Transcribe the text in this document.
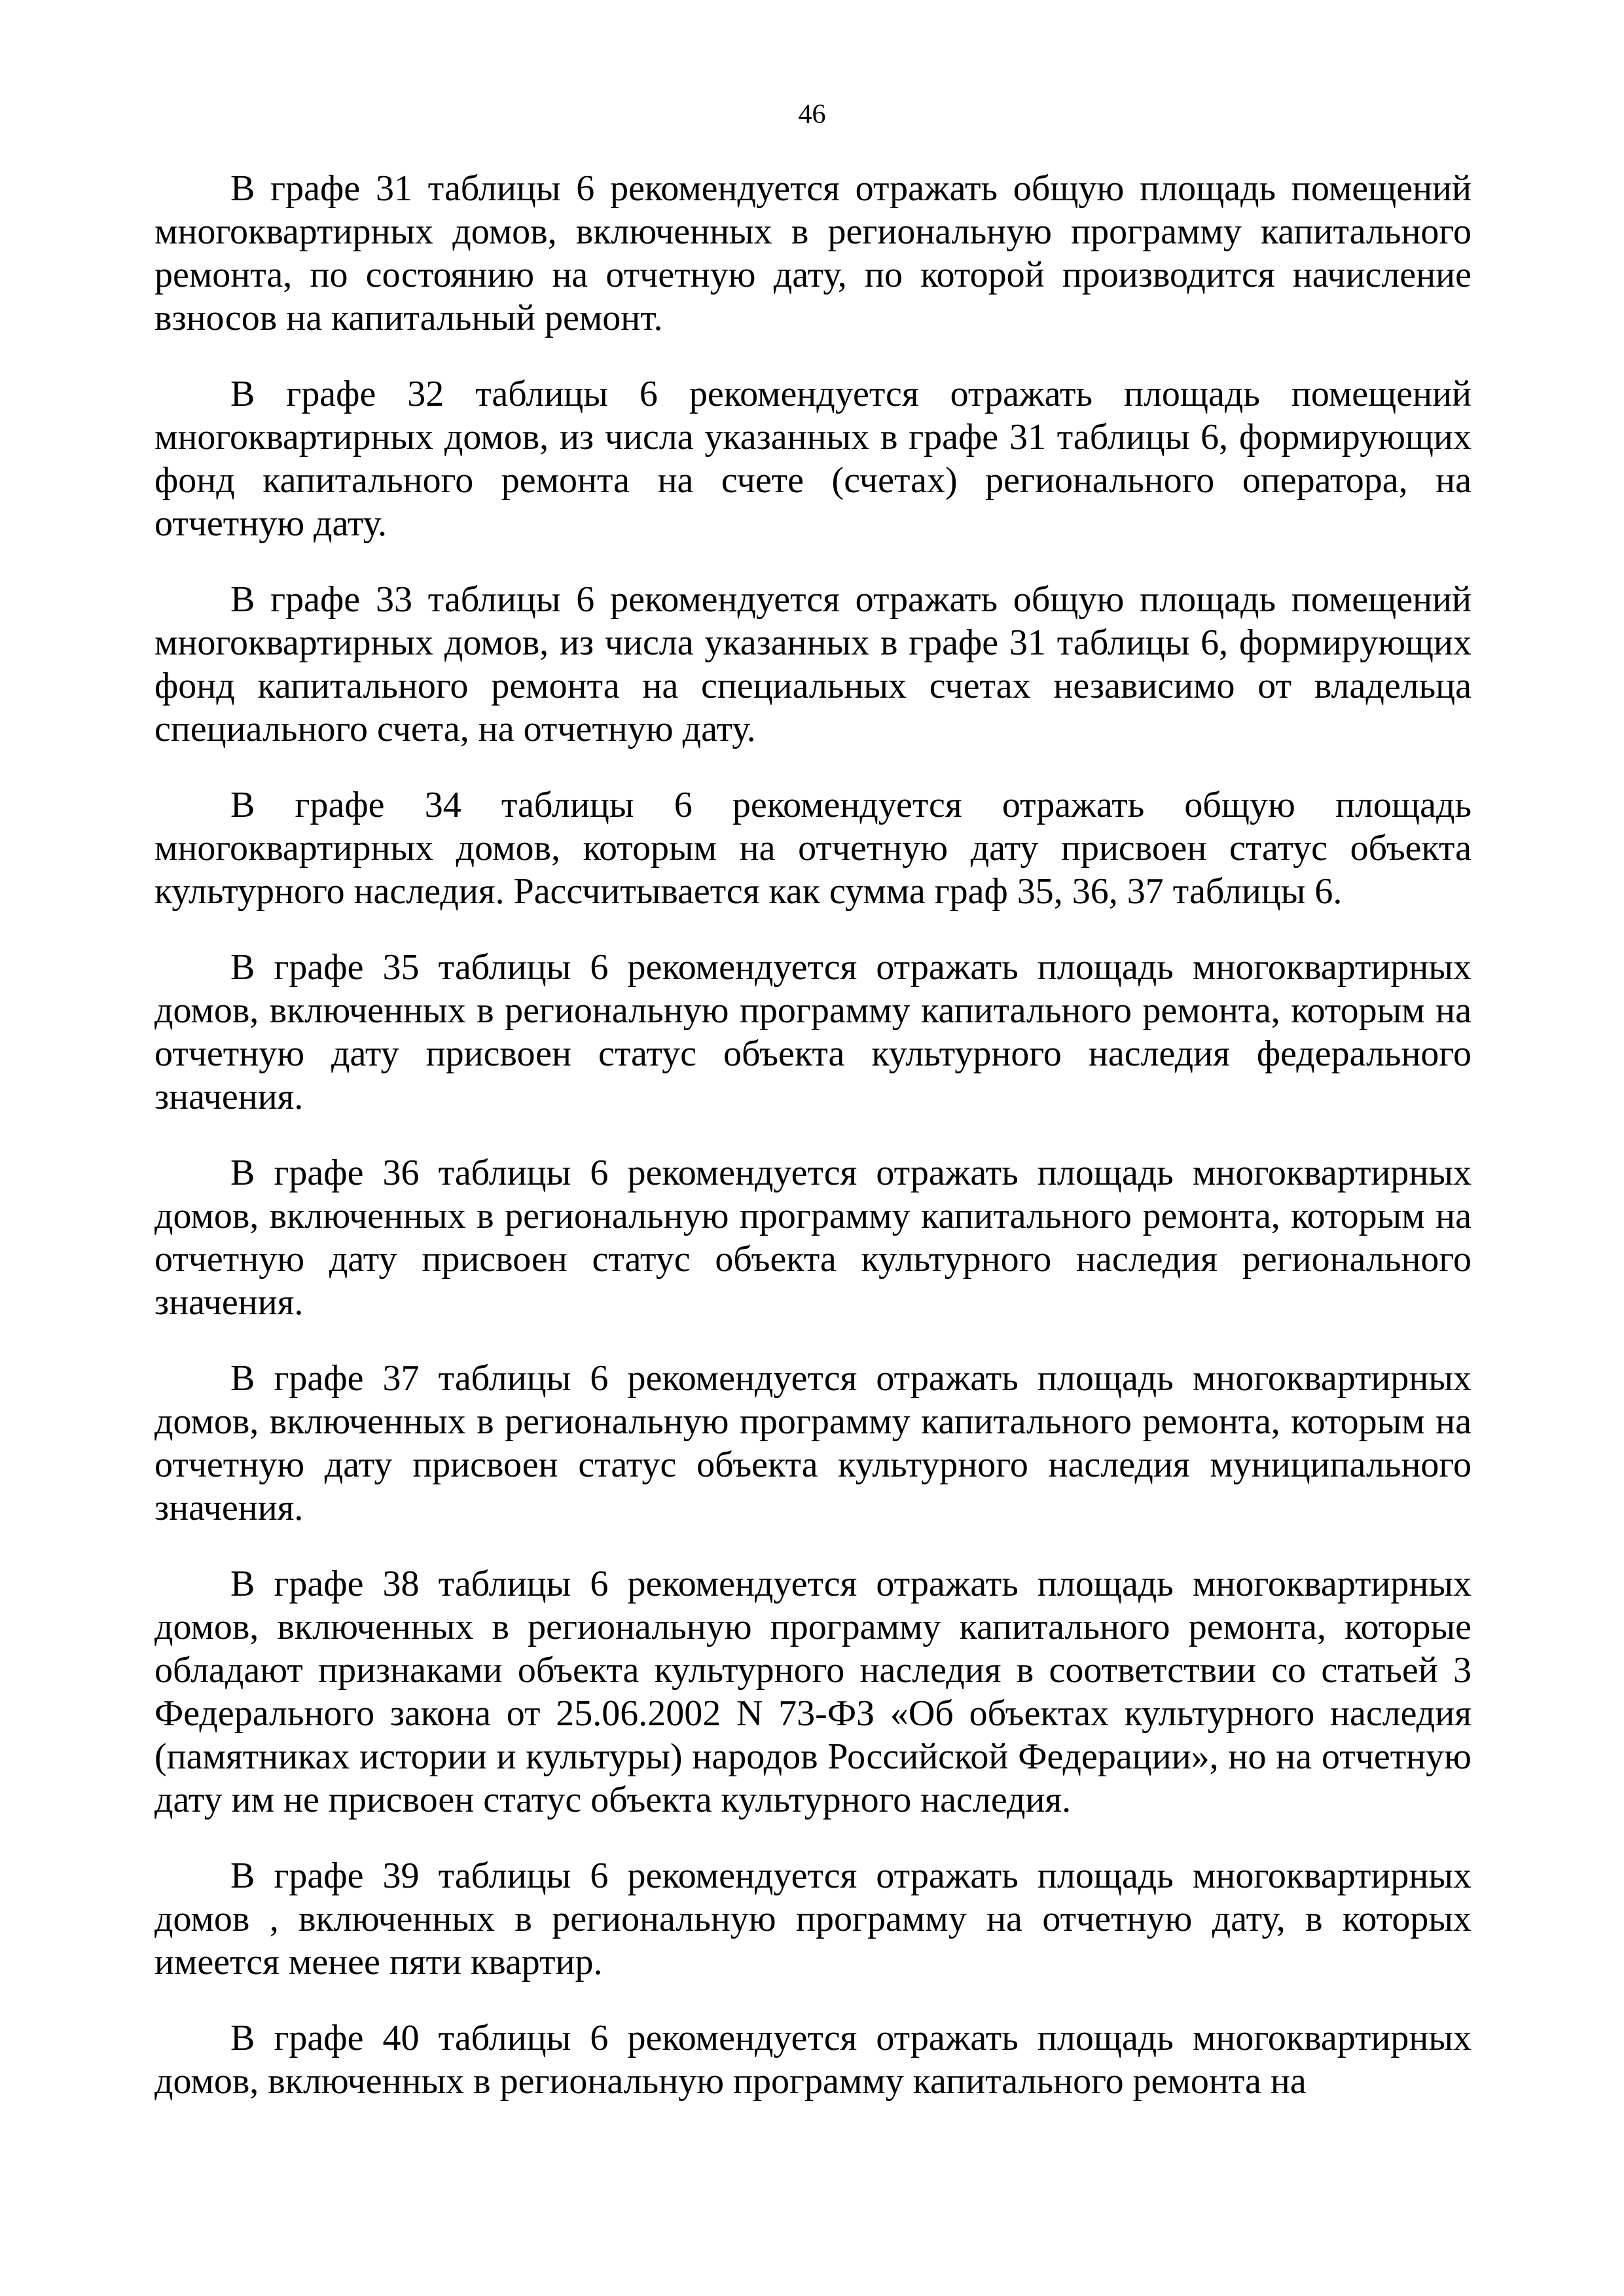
46

В графе 31 таблицы 6 рекомендуется отражать общую площадь помещений многоквартирных домов, включенных в региональную программу капитального ремонта, по состоянию на отчетную дату, по которой производится начисление взносов на капитальный ремонт.

В графе 32 таблицы 6 рекомендуется отражать площадь помещений многоквартирных домов, из числа указанных в графе 31 таблицы 6, формирующих фонд капитального ремонта на счете (счетах) регионального оператора, на отчетную дату.

В графе 33 таблицы 6 рекомендуется отражать общую площадь помещений многоквартирных домов, из числа указанных в графе 31 таблицы 6, формирующих фонд капитального ремонта на специальных счетах независимо от владельца специального счета, на отчетную дату.

В графе 34 таблицы 6 рекомендуется отражать общую площадь многоквартирных домов, которым на отчетную дату присвоен статус объекта культурного наследия. Рассчитывается как сумма граф 35, 36, 37 таблицы 6.

В графе 35 таблицы 6 рекомендуется отражать площадь многоквартирных домов, включенных в региональную программу капитального ремонта, которым на отчетную дату присвоен статус объекта культурного наследия федерального значения.

В графе 36 таблицы 6 рекомендуется отражать площадь многоквартирных домов, включенных в региональную программу капитального ремонта, которым на отчетную дату присвоен статус объекта культурного наследия регионального значения.

В графе 37 таблицы 6 рекомендуется отражать площадь многоквартирных домов, включенных в региональную программу капитального ремонта, которым на отчетную дату присвоен статус объекта культурного наследия муниципального значения.

В графе 38 таблицы 6 рекомендуется отражать площадь многоквартирных домов, включенных в региональную программу капитального ремонта, которые обладают признаками объекта культурного наследия в соответствии со статьей 3 Федерального закона от 25.06.2002 N 73-ФЗ «Об объектах культурного наследия (памятниках истории и культуры) народов Российской Федерации», но на отчетную дату им не присвоен статус объекта культурного наследия.

В графе 39 таблицы 6 рекомендуется отражать площадь многоквартирных домов , включенных в региональную программу на отчетную дату, в которых имеется менее пяти квартир.

В графе 40 таблицы 6 рекомендуется отражать площадь многоквартирных домов, включенных в региональную программу капитального ремонта на
